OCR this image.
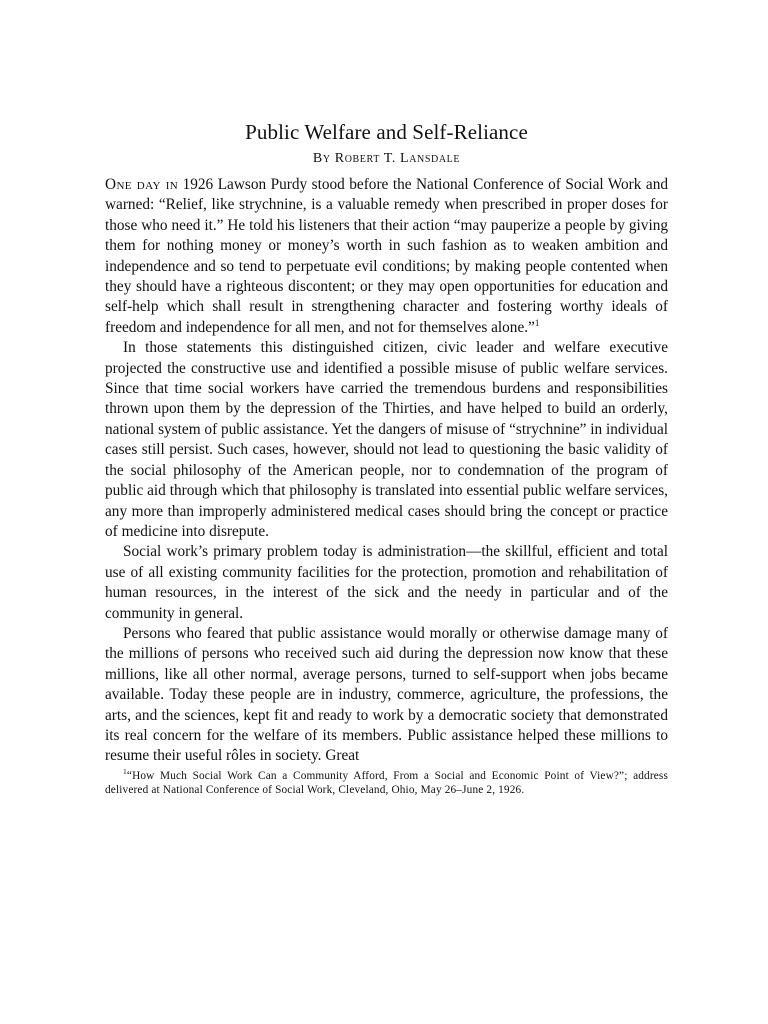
Public Welfare and Self-Reliance
By Robert T. Lansdale

One day in 1926 Lawson Purdy stood before the National Conference of Social Work and warned: “Relief, like strychnine, is a valuable remedy when prescribed in proper doses for those who need it.” He told his listeners that their action “may pauperize a people by giving them for nothing money or money’s worth in such fashion as to weaken ambition and independence and so tend to perpetuate evil conditions; by making people contented when they should have a righteous discontent; or they may open opportunities for education and self-help which shall result in strengthening character and fostering worthy ideals of freedom and independence for all men, and not for themselves alone.”$^1$

In those statements this distinguished citizen, civic leader and welfare executive projected the constructive use and identified a possible misuse of public welfare services. Since that time social workers have carried the tremendous burdens and responsibilities thrown upon them by the depression of the Thirties, and have helped to build an orderly, national system of public assistance. Yet the dangers of misuse of “strychnine” in individual cases still persist. Such cases, however, should not lead to questioning the basic validity of the social philosophy of the American people, nor to condemnation of the program of public aid through which that philosophy is translated into essential public welfare services, any more than improperly administered medical cases should bring the concept or practice of medicine into disrepute.

Social work’s primary problem today is administration—the skillful, efficient and total use of all existing community facilities for the protection, promotion and rehabilitation of human resources, in the interest of the sick and the needy in particular and of the community in general.

Persons who feared that public assistance would morally or otherwise damage many of the millions of persons who received such aid during the depression now know that these millions, like all other normal, average persons, turned to self-support when jobs became available. Today these people are in industry, commerce, agriculture, the professions, the arts, and the sciences, kept fit and ready to work by a democratic society that demonstrated its real concern for the welfare of its members. Public assistance helped these millions to resume their useful rôles in society. Great

$^1$“How Much Social Work Can a Community Afford, From a Social and Economic Point of View?”; address delivered at National Conference of Social Work, Cleveland, Ohio, May 26–June 2, 1926.
